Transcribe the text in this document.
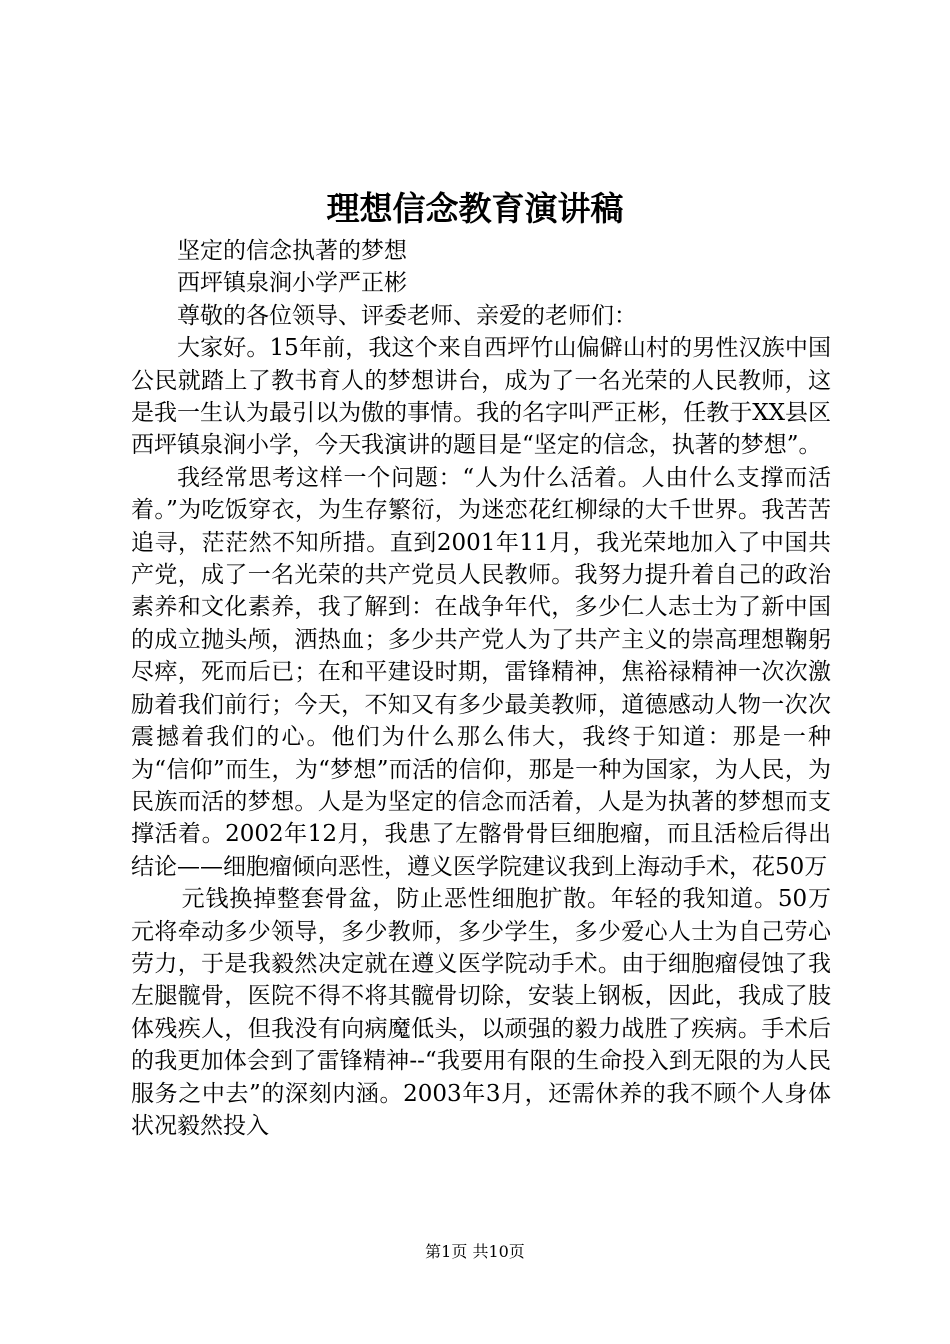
理想信念教育演讲稿

坚定的信念执著的梦想

西坪镇泉涧小学严正彬

尊敬的各位领导、评委老师、亲爱的老师们：

大家好。15年前，我这个来自西坪竹山偏僻山村的男性汉族中国公民就踏上了教书育人的梦想讲台，成为了一名光荣的人民教师，这是我一生认为最引以为傲的事情。我的名字叫严正彬，任教于XX县区西坪镇泉涧小学，今天我演讲的题目是“坚定的信念，执著的梦想”。

我经常思考这样一个问题：“人为什么活着。人由什么支撑而活着。”为吃饭穿衣，为生存繁衍，为迷恋花红柳绿的大千世界。我苦苦追寻，茫茫然不知所措。直到2001年11月，我光荣地加入了中国共产党，成了一名光荣的共产党员人民教师。我努力提升着自己的政治素养和文化素养，我了解到：在战争年代，多少仁人志士为了新中国的成立抛头颅，洒热血；多少共产党人为了共产主义的崇高理想鞠躬尽瘁，死而后已；在和平建设时期，雷锋精神，焦裕禄精神一次次激励着我们前行；今天，不知又有多少最美教师，道德感动人物一次次震撼着我们的心。他们为什么那么伟大，我终于知道：那是一种为“信仰”而生，为“梦想”而活的信仰，那是一种为国家，为人民，为民族而活的梦想。人是为坚定的信念而活着，人是为执著的梦想而支撑活着。2002年12月，我患了左髂骨骨巨细胞瘤，而且活检后得出结论——细胞瘤倾向恶性，遵义医学院建议我到上海动手术，花50万

元钱换掉整套骨盆，防止恶性细胞扩散。年轻的我知道。50万元将牵动多少领导，多少教师，多少学生，多少爱心人士为自己劳心劳力，于是我毅然决定就在遵义医学院动手术。由于细胞瘤侵蚀了我左腿髋骨，医院不得不将其髋骨切除，安装上钢板，因此，我成了肢体残疾人，但我没有向病魔低头，以顽强的毅力战胜了疾病。手术后的我更加体会到了雷锋精神--“我要用有限的生命投入到无限的为人民服务之中去”的深刻内涵。2003年3月，还需休养的我不顾个人身体状况毅然投入

第1页 共10页
